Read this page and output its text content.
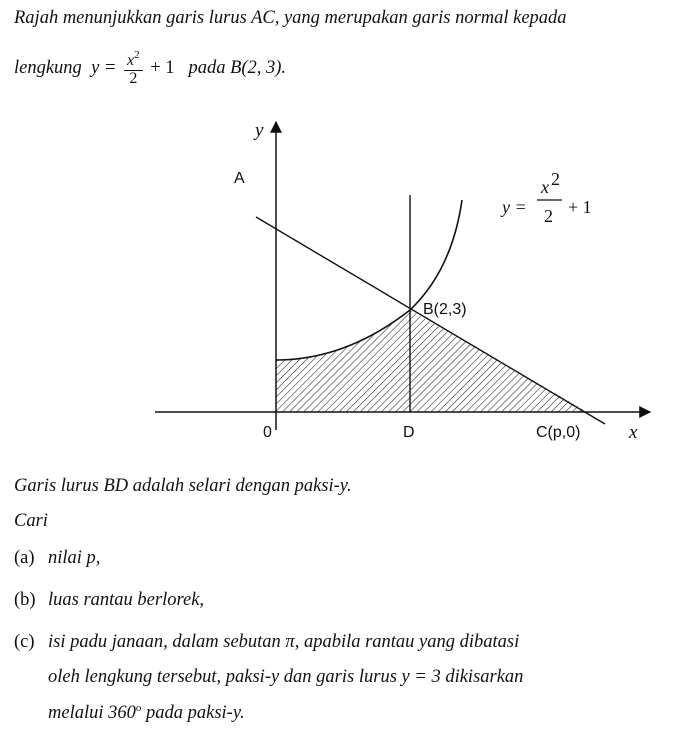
Rajah menunjukkan garis lurus AC, yang merupakan garis normal kepada
lengkung $y = \frac{x^2}{2} + 1$ pada B(2, 3).
y
x
A
0	D	C(p,0)
B(2,3)
y =
x 2
2 + 1
Garis lurus BD adalah selari dengan paksi-y.
Cari
(a) nilai p,
(b) luas rantau berlorek,
(c) isi padu janaan, dalam sebutan π, apabila rantau yang dibatasi
oleh lengkung tersebut, paksi-y dan garis lurus y = 3 dikisarkan
melalui 360$^o$ pada paksi-y.
